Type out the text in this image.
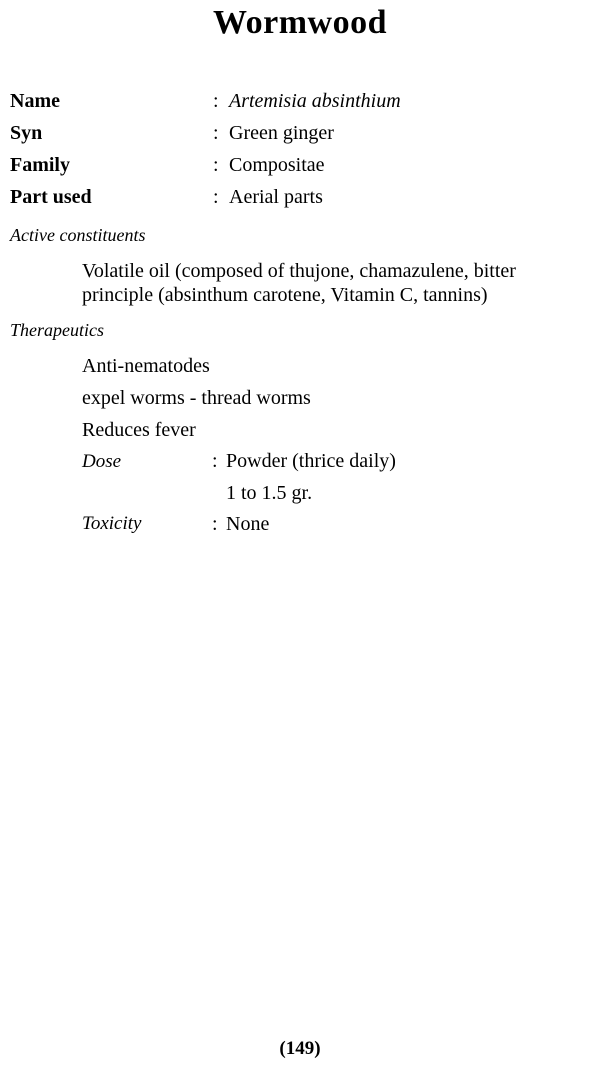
Wormwood
Name	: Artemisia absinthium
Syn	: Green ginger
Family	: Compositae
Part used	: Aerial parts
Active constituents
Volatile oil (composed of thujone, chamazulene, bitter
principle (absinthum carotene, Vitamin C, tannins)
Therapeutics
Anti-nematodes
expel worms - thread worms
Reduces fever
Dose	: Powder (thrice daily)
1 to 1.5 gr.
Toxicity	: None
(149)
